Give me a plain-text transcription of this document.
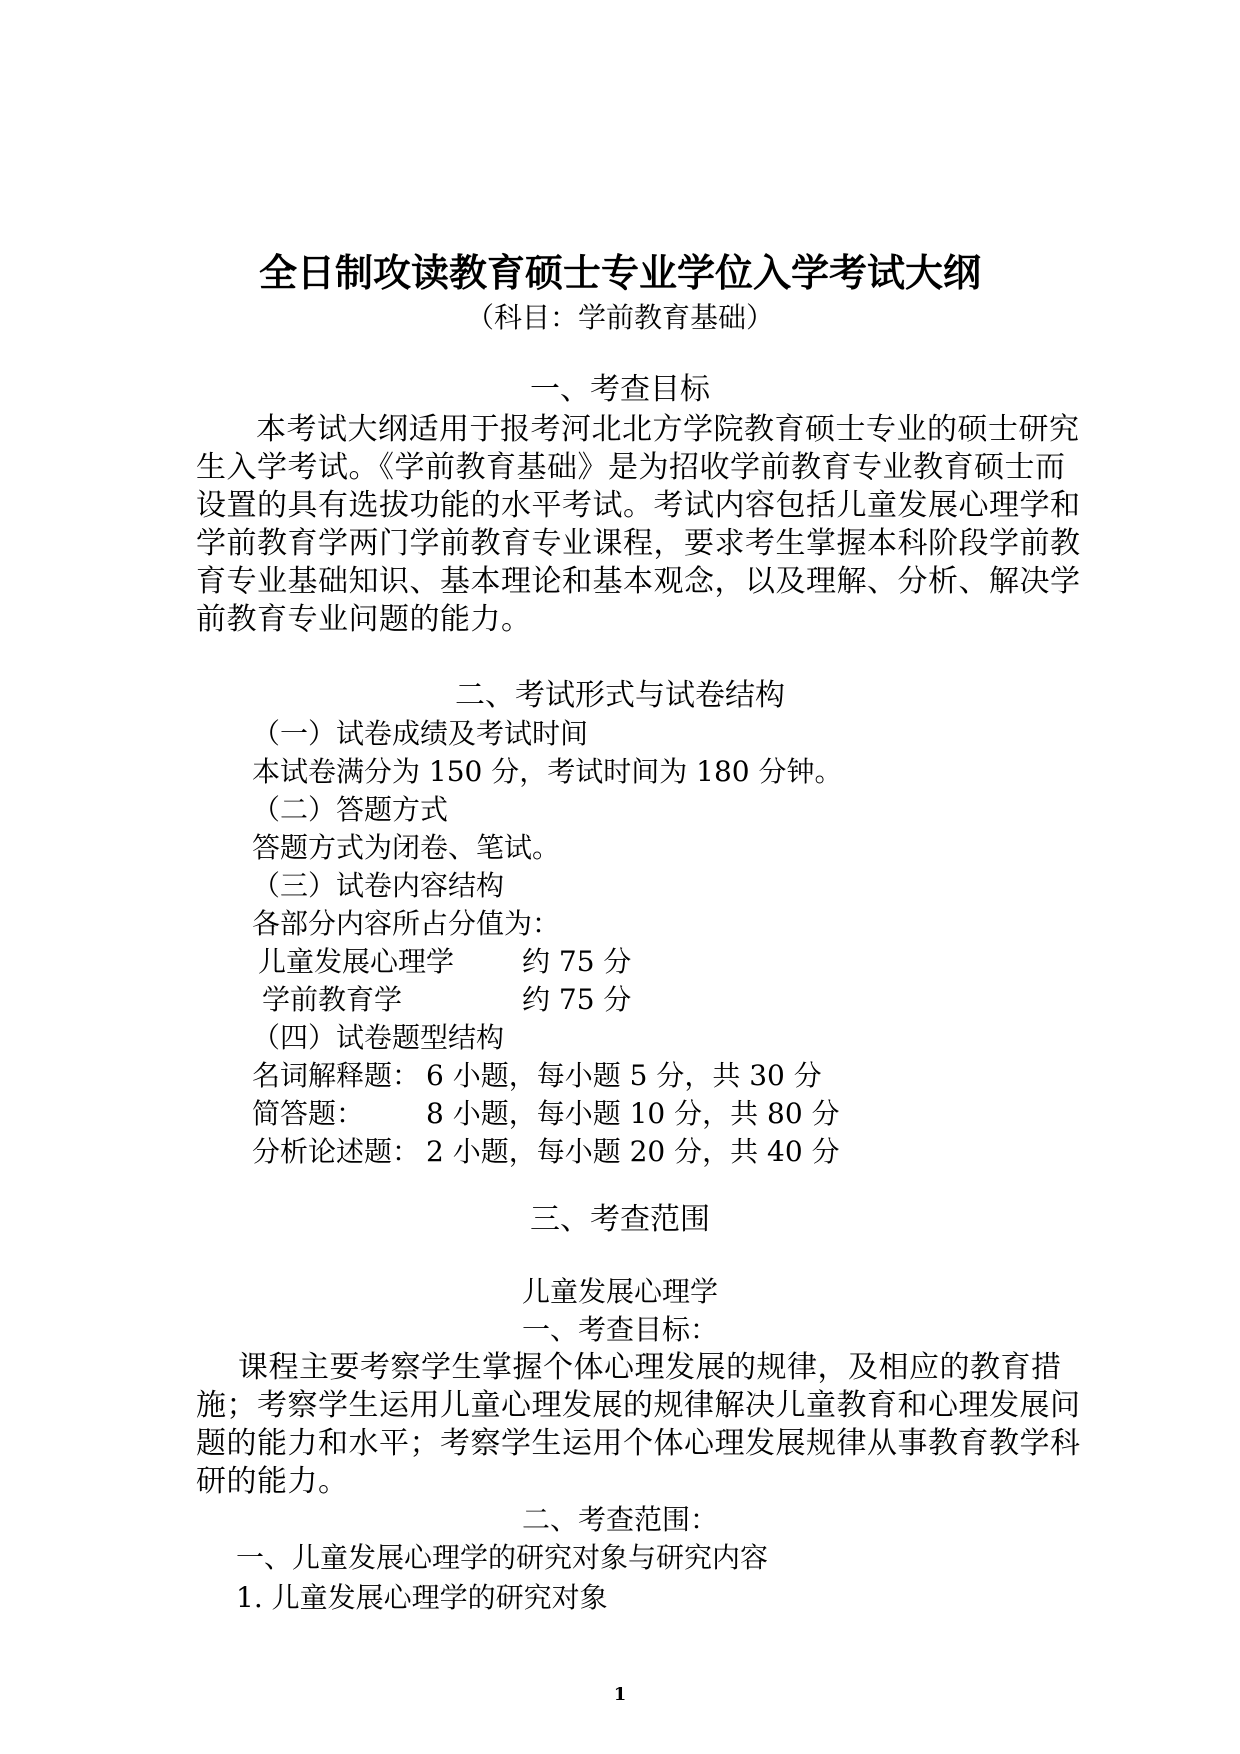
全日制攻读教育硕士专业学位入学考试大纲
（科目：学前教育基础）
一、考查目标

本考试大纲适用于报考河北北方学院教育硕士专业的硕士研究生入学考试。《学前教育基础》是为招收学前教育专业教育硕士而设置的具有选拔功能的水平考试。考试内容包括儿童发展心理学和学前教育学两门学前教育专业课程，要求考生掌握本科阶段学前教育专业基础知识、基本理论和基本观念，以及理解、分析、解决学前教育专业问题的能力。

二、考试形式与试卷结构
（一）试卷成绩及考试时间
本试卷满分为 150 分，考试时间为 180 分钟。
（二）答题方式
答题方式为闭卷、笔试。
（三）试卷内容结构
各部分内容所占分值为：
儿童发展心理学 约 75 分
学前教育学	约 75 分
（四）试卷题型结构
名词解释题： 6 小题，每小题 5 分，共 30 分
简答题： 8 小题，每小题 10 分，共 80 分
分析论述题： 2 小题，每小题 20 分，共 40 分
三、考查范围
儿童发展心理学
一、考查目标：

课程主要考察学生掌握个体心理发展的规律，及相应的教育措施；考察学生运用儿童心理发展的规律解决儿童教育和心理发展问题的能力和水平；考察学生运用个体心理发展规律从事教育教学科研的能力。

二、考查范围：
一、儿童发展心理学的研究对象与研究内容
1. 儿童发展心理学的研究对象
1
